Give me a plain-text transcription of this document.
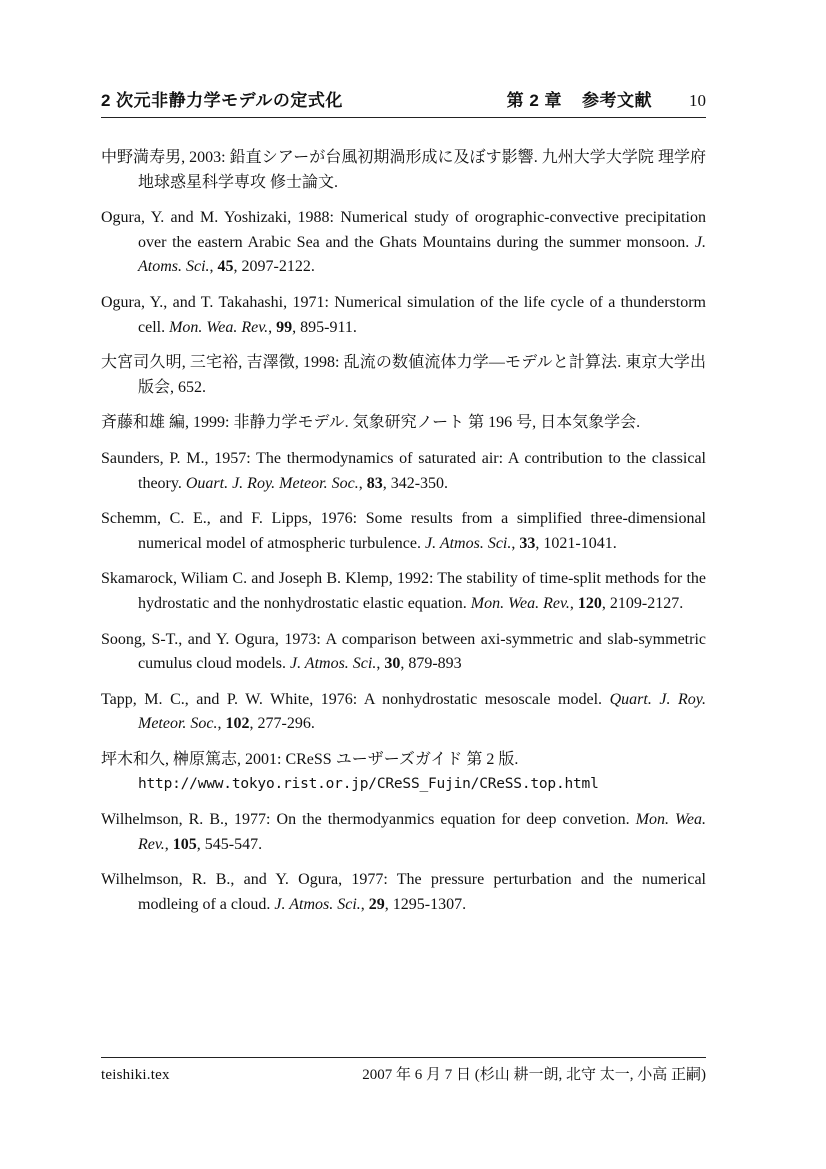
2 次元非静力学モデルの定式化	第 2 章 参考文献 10

中野満寿男, 2003: 鉛直シアーが台風初期渦形成に及ぼす影響. 九州大学大学院 理学府 地球惑星科学専攻 修士論文.

Ogura, Y. and M. Yoshizaki, 1988: Numerical study of orographic-convective precipitation over the eastern Arabic Sea and the Ghats Mountains during the summer monsoon. J. Atoms. Sci., 45, 2097-2122.

Ogura, Y., and T. Takahashi, 1971: Numerical simulation of the life cycle of a thunderstorm cell. Mon. Wea. Rev., 99, 895-911.

大宮司久明, 三宅裕, 吉澤徴, 1998: 乱流の数値流体力学—モデルと計算法. 東京大学出版会, 652.

斉藤和雄 編, 1999: 非静力学モデル. 気象研究ノート 第 196 号, 日本気象学会.

Saunders, P. M., 1957: The thermodynamics of saturated air: A contribution to the classical theory. Ouart. J. Roy. Meteor. Soc., 83, 342-350.

Schemm, C. E., and F. Lipps, 1976: Some results from a simplified three-dimensional numerical model of atmospheric turbulence. J. Atmos. Sci., 33, 1021-1041.

Skamarock, Wiliam C. and Joseph B. Klemp, 1992: The stability of time-split methods for the hydrostatic and the nonhydrostatic elastic equation. Mon. Wea. Rev., 120, 2109-2127.

Soong, S-T., and Y. Ogura, 1973: A comparison between axi-symmetric and slab-symmetric cumulus cloud models. J. Atmos. Sci., 30, 879-893

Tapp, M. C., and P. W. White, 1976: A nonhydrostatic mesoscale model. Quart. J. Roy. Meteor. Soc., 102, 277-296.

坪木和久, 榊原篤志, 2001: CReSS ユーザーズガイド 第 2 版.
http://www.tokyo.rist.or.jp/CReSS_Fujin/CReSS.top.html

Wilhelmson, R. B., 1977: On the thermodyanmics equation for deep convetion. Mon. Wea. Rev., 105, 545-547.

Wilhelmson, R. B., and Y. Ogura, 1977: The pressure perturbation and the numerical modleing of a cloud. J. Atmos. Sci., 29, 1295-1307.

teishiki.tex	2007 年 6 月 7 日 (杉山 耕一朗, 北守 太一, 小高 正嗣)
